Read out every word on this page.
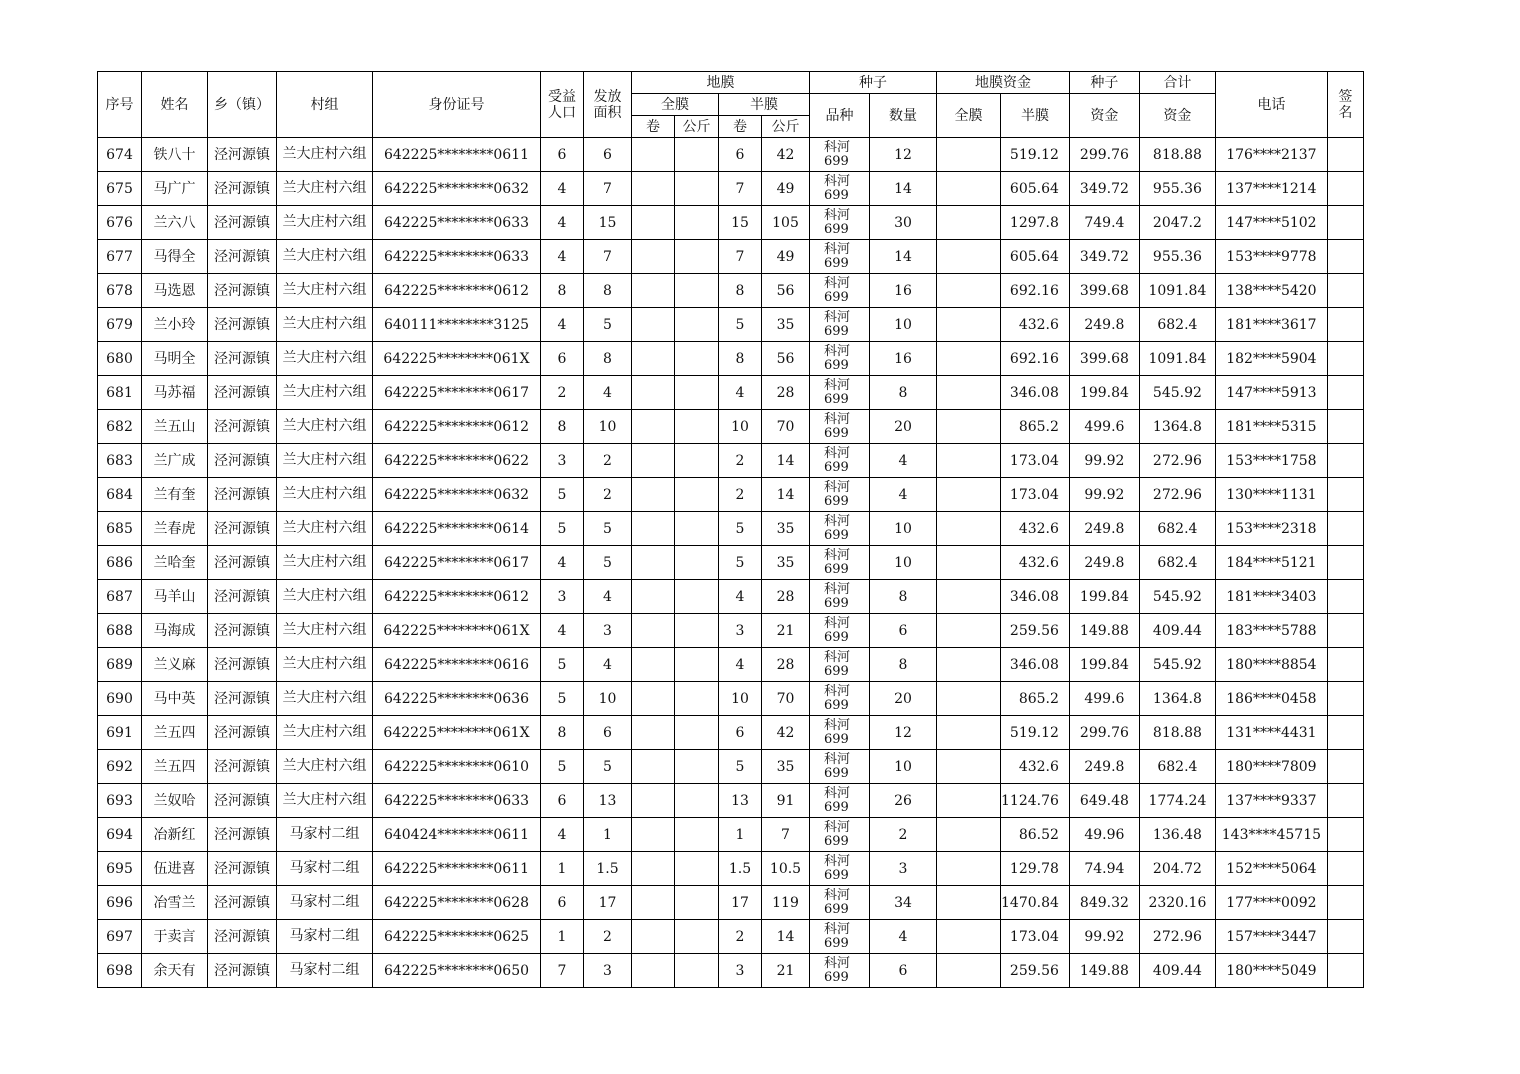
序号	姓名	乡（镇）	村组	身份证号	受益人口	发放面积	地膜				种子		地膜资金		种子	合计	电话	签名

							全膜		半膜		品种	数量	全膜	半膜	资金	资金		
							卷	公斤	卷	公斤								
674	铁八十	泾河源镇	兰大庄村六组	642225********0611	6	6			6	42	科河699	12		519.12	299.76	818.88	176****2137	
675	马广广	泾河源镇	兰大庄村六组	642225********0632	4	7			7	49	科河699	14		605.64	349.72	955.36	137****1214	
676	兰六八	泾河源镇	兰大庄村六组	642225********0633	4	15			15	105	科河699	30		1297.8	749.4	2047.2	147****5102	
677	马得全	泾河源镇	兰大庄村六组	642225********0633	4	7			7	49	科河699	14		605.64	349.72	955.36	153****9778	
678	马选恩	泾河源镇	兰大庄村六组	642225********0612	8	8			8	56	科河699	16		692.16	399.68	1091.84	138****5420	
679	兰小玲	泾河源镇	兰大庄村六组	640111********3125	4	5			5	35	科河699	10		432.6	249.8	682.4	181****3617	
680	马明全	泾河源镇	兰大庄村六组	642225********061X	6	8			8	56	科河699	16		692.16	399.68	1091.84	182****5904	
681	马苏福	泾河源镇	兰大庄村六组	642225********0617	2	4			4	28	科河699	8		346.08	199.84	545.92	147****5913	
682	兰五山	泾河源镇	兰大庄村六组	642225********0612	8	10			10	70	科河699	20		865.2	499.6	1364.8	181****5315	
683	兰广成	泾河源镇	兰大庄村六组	642225********0622	3	2			2	14	科河699	4		173.04	99.92	272.96	153****1758	
684	兰有奎	泾河源镇	兰大庄村六组	642225********0632	5	2			2	14	科河699	4		173.04	99.92	272.96	130****1131	
685	兰春虎	泾河源镇	兰大庄村六组	642225********0614	5	5			5	35	科河699	10		432.6	249.8	682.4	153****2318	
686	兰哈奎	泾河源镇	兰大庄村六组	642225********0617	4	5			5	35	科河699	10		432.6	249.8	682.4	184****5121	
687	马羊山	泾河源镇	兰大庄村六组	642225********0612	3	4			4	28	科河699	8		346.08	199.84	545.92	181****3403	
688	马海成	泾河源镇	兰大庄村六组	642225********061X	4	3			3	21	科河699	6		259.56	149.88	409.44	183****5788	
689	兰义麻	泾河源镇	兰大庄村六组	642225********0616	5	4			4	28	科河699	8		346.08	199.84	545.92	180****8854	
690	马中英	泾河源镇	兰大庄村六组	642225********0636	5	10			10	70	科河699	20		865.2	499.6	1364.8	186****0458	
691	兰五四	泾河源镇	兰大庄村六组	642225********061X	8	6			6	42	科河699	12		519.12	299.76	818.88	131****4431	
692	兰五四	泾河源镇	兰大庄村六组	642225********0610	5	5			5	35	科河699	10		432.6	249.8	682.4	180****7809	
693	兰奴哈	泾河源镇	兰大庄村六组	642225********0633	6	13			13	91	科河699	26		1124.76	649.48	1774.24	137****9337	
694	冶新红	泾河源镇	马家村二组	640424********0611	4	1			1	7	科河699	2		86.52	49.96	136.48	143****45715	
695	伍进喜	泾河源镇	马家村二组	642225********0611	1	1.5			1.5	10.5	科河699	3		129.78	74.94	204.72	152****5064	
696	冶雪兰	泾河源镇	马家村二组	642225********0628	6	17			17	119	科河699	34		1470.84	849.32	2320.16	177****0092	
697	于卖言	泾河源镇	马家村二组	642225********0625	1	2			2	14	科河699	4		173.04	99.92	272.96	157****3447	
698	余天有	泾河源镇	马家村二组	642225********0650	7	3			3	21	科河699	6		259.56	149.88	409.44	180****5049	
